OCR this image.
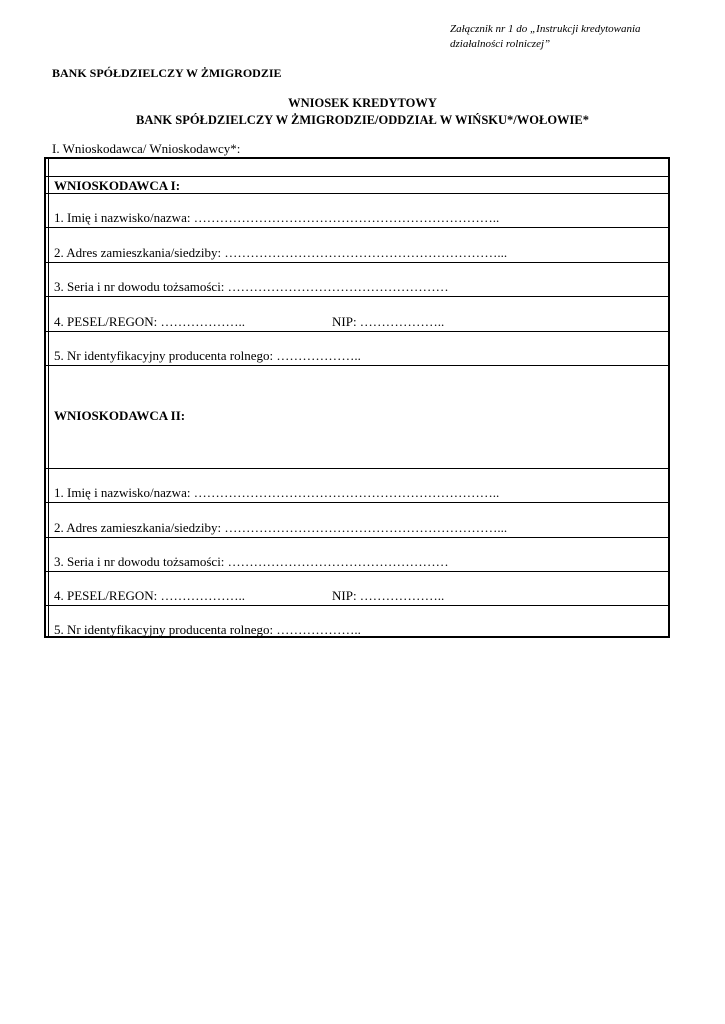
Załącznik nr 1 do „Instrukcji kredytowania
działalności rolniczej”
BANK SPÓŁDZIELCZY W ŻMIGRODZIE
WNIOSEK KREDYTOWY
BANK SPÓŁDZIELCZY W ŻMIGRODZIE/ODDZIAŁ W WIŃSKU*/WOŁOWIE*
I. Wnioskodawca/ Wnioskodawcy*:
WNIOSKODAWCA I:
1. Imię i nazwisko/nazwa: ……………………………………………………………..
2. Adres zamieszkania/siedziby: ………………………………………………………...
3. Seria i nr dowodu tożsamości: ……………………………………………
4. PESEL/REGON: ………………..	NIP: ………………..
5. Nr identyfikacyjny producenta rolnego: ………………..
WNIOSKODAWCA II:
1. Imię i nazwisko/nazwa: ……………………………………………………………..
2. Adres zamieszkania/siedziby: ………………………………………………………...
3. Seria i nr dowodu tożsamości: ……………………………………………
4. PESEL/REGON: ………………..	NIP: ………………..
5. Nr identyfikacyjny producenta rolnego: ………………..
